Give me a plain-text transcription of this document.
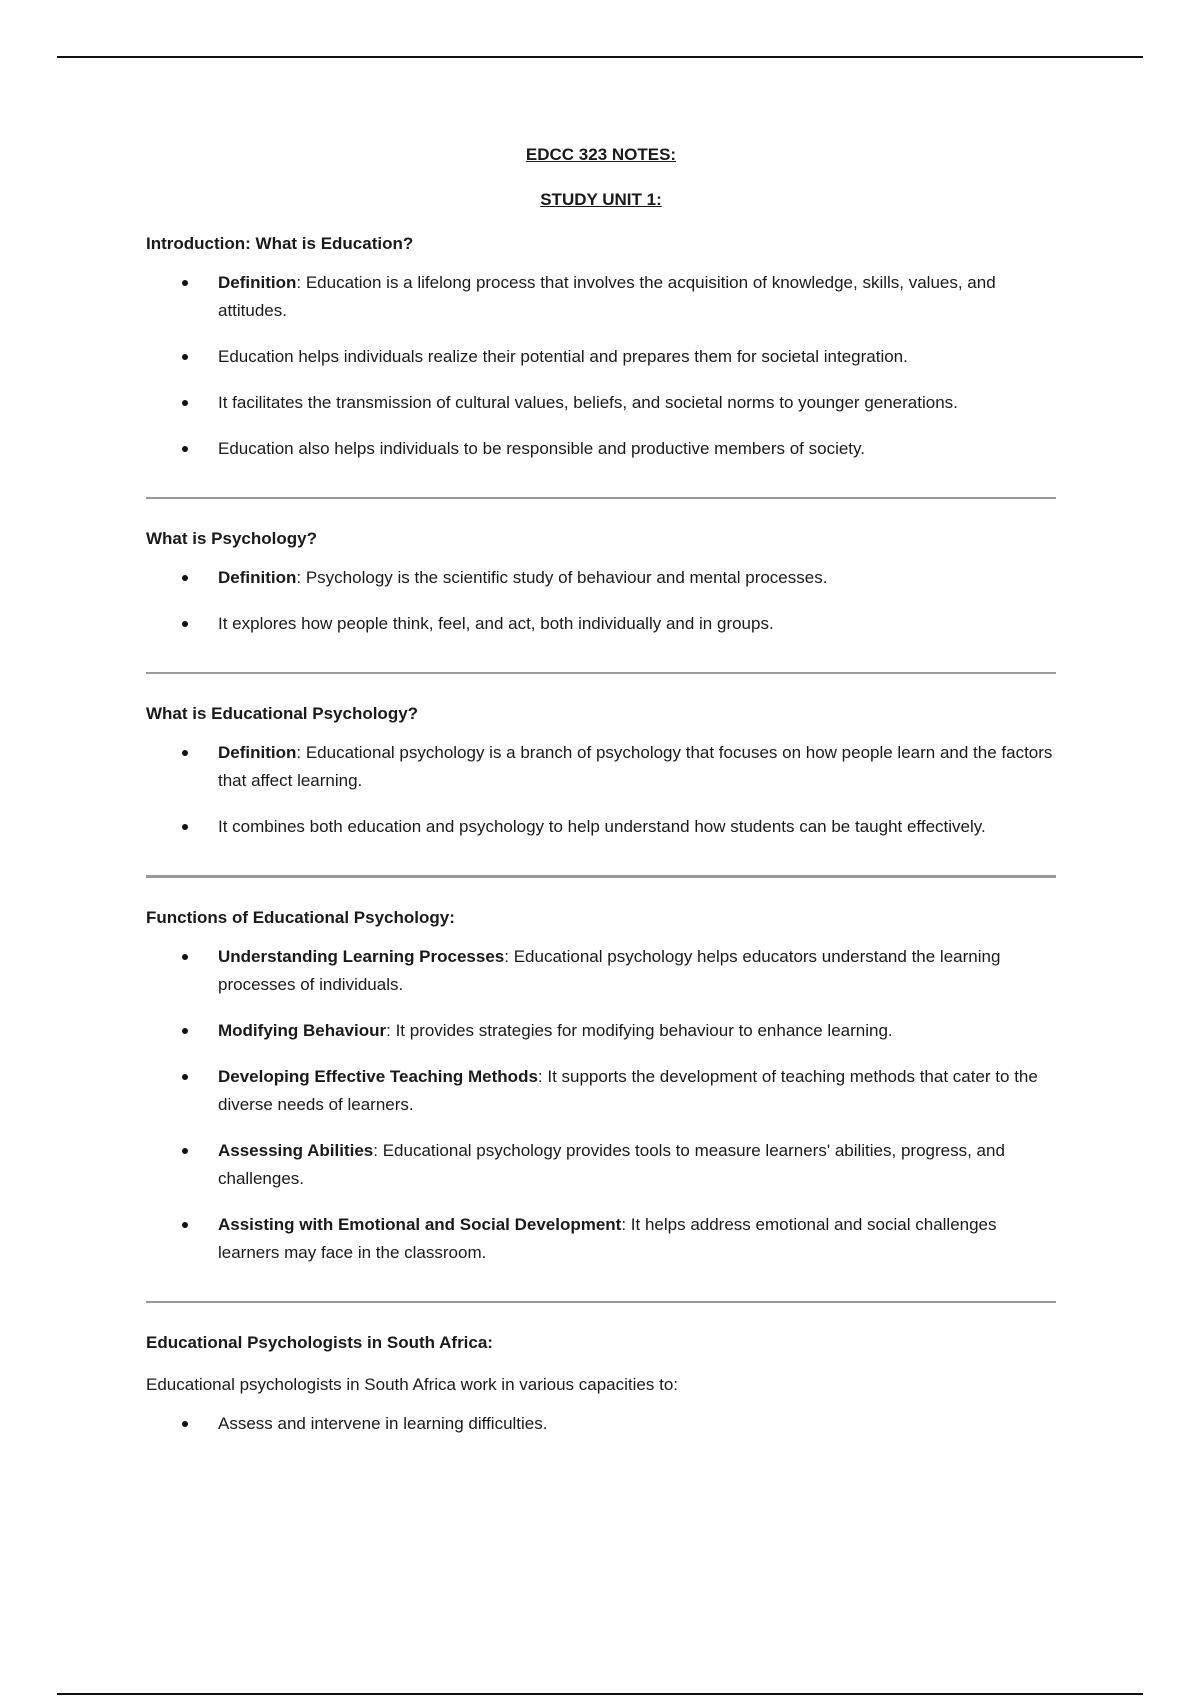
EDCC 323 NOTES:

STUDY UNIT 1:

Introduction: What is Education?

Definition: Education is a lifelong process that involves the acquisition of knowledge, skills, values, and attitudes.
Education helps individuals realize their potential and prepares them for societal integration.
It facilitates the transmission of cultural values, beliefs, and societal norms to younger generations.
Education also helps individuals to be responsible and productive members of society.

What is Psychology?

Definition: Psychology is the scientific study of behaviour and mental processes.
It explores how people think, feel, and act, both individually and in groups.

What is Educational Psychology?

Definition: Educational psychology is a branch of psychology that focuses on how people learn and the factors that affect learning.
It combines both education and psychology to help understand how students can be taught effectively.

Functions of Educational Psychology:

Understanding Learning Processes: Educational psychology helps educators understand the learning processes of individuals.
Modifying Behaviour: It provides strategies for modifying behaviour to enhance learning.
Developing Effective Teaching Methods: It supports the development of teaching methods that cater to the diverse needs of learners.
Assessing Abilities: Educational psychology provides tools to measure learners' abilities, progress, and challenges.
Assisting with Emotional and Social Development: It helps address emotional and social challenges learners may face in the classroom.

Educational Psychologists in South Africa:

Educational psychologists in South Africa work in various capacities to:

Assess and intervene in learning difficulties.
